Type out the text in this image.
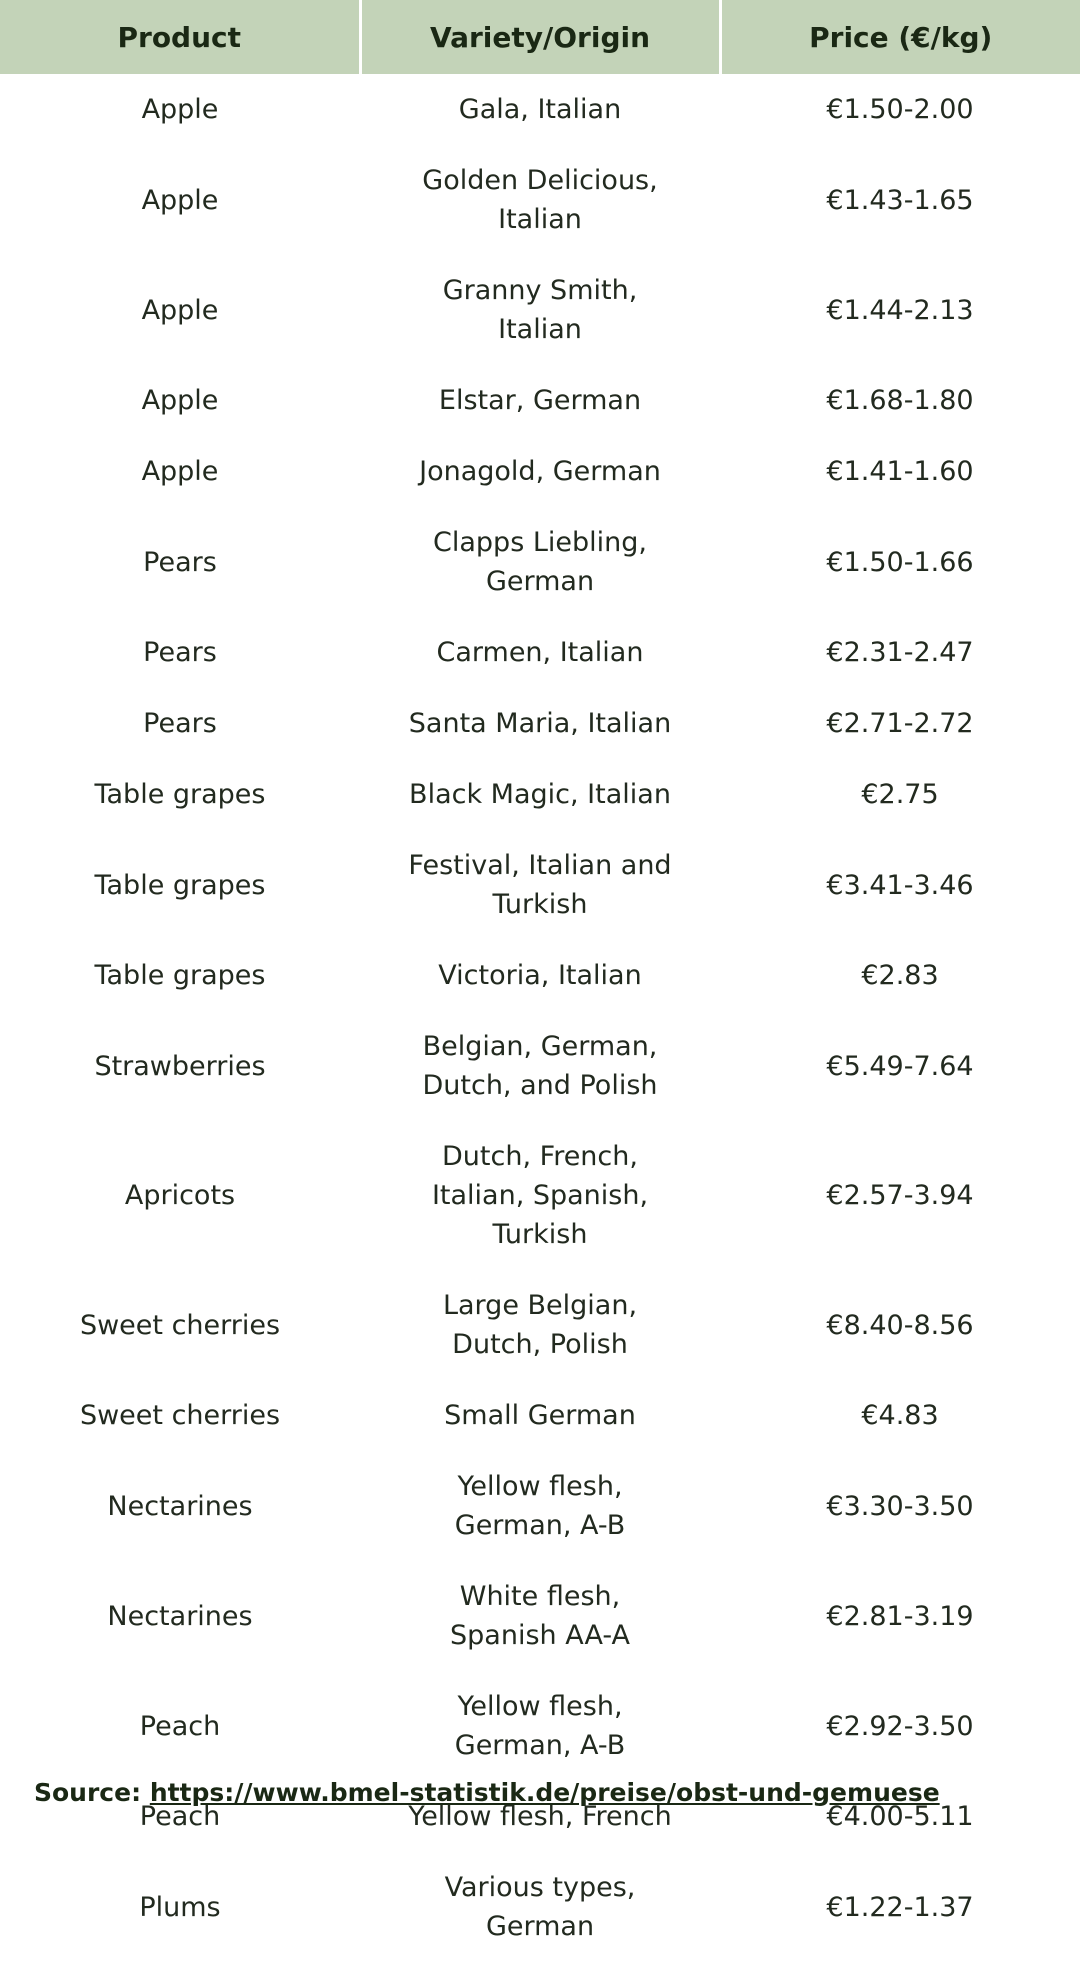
Product	Variety/Origin	Price (€/kg)
Apple	Gala, Italian	€1.50-2.00
Apple	Golden Delicious, Italian	€1.43-1.65
Apple	Granny Smith, Italian	€1.44-2.13
Apple	Elstar, German	€1.68-1.80
Apple	Jonagold, German	€1.41-1.60
Pears	Clapps Liebling, German	€1.50-1.66
Pears	Carmen, Italian	€2.31-2.47
Pears	Santa Maria, Italian	€2.71-2.72
Table grapes	Black Magic, Italian	€2.75
Table grapes	Festival, Italian and Turkish	€3.41-3.46
Table grapes	Victoria, Italian	€2.83
Strawberries	Belgian, German, Dutch, and Polish	€5.49-7.64
Apricots	Dutch, French, Italian, Spanish, Turkish	€2.57-3.94
Sweet cherries	Large Belgian, Dutch, Polish	€8.40-8.56
Sweet cherries	Small German	€4.83
Nectarines	Yellow flesh, German, A-B	€3.30-3.50
Nectarines	White flesh, Spanish AA-A	€2.81-3.19
Peach	Yellow flesh, German, A-B	€2.92-3.50
Peach	Yellow flesh, French	€4.00-5.11
Plums	Various types, German	€1.22-1.37
Source: https://www.bmel-statistik.de/preise/obst-und-gemuese
